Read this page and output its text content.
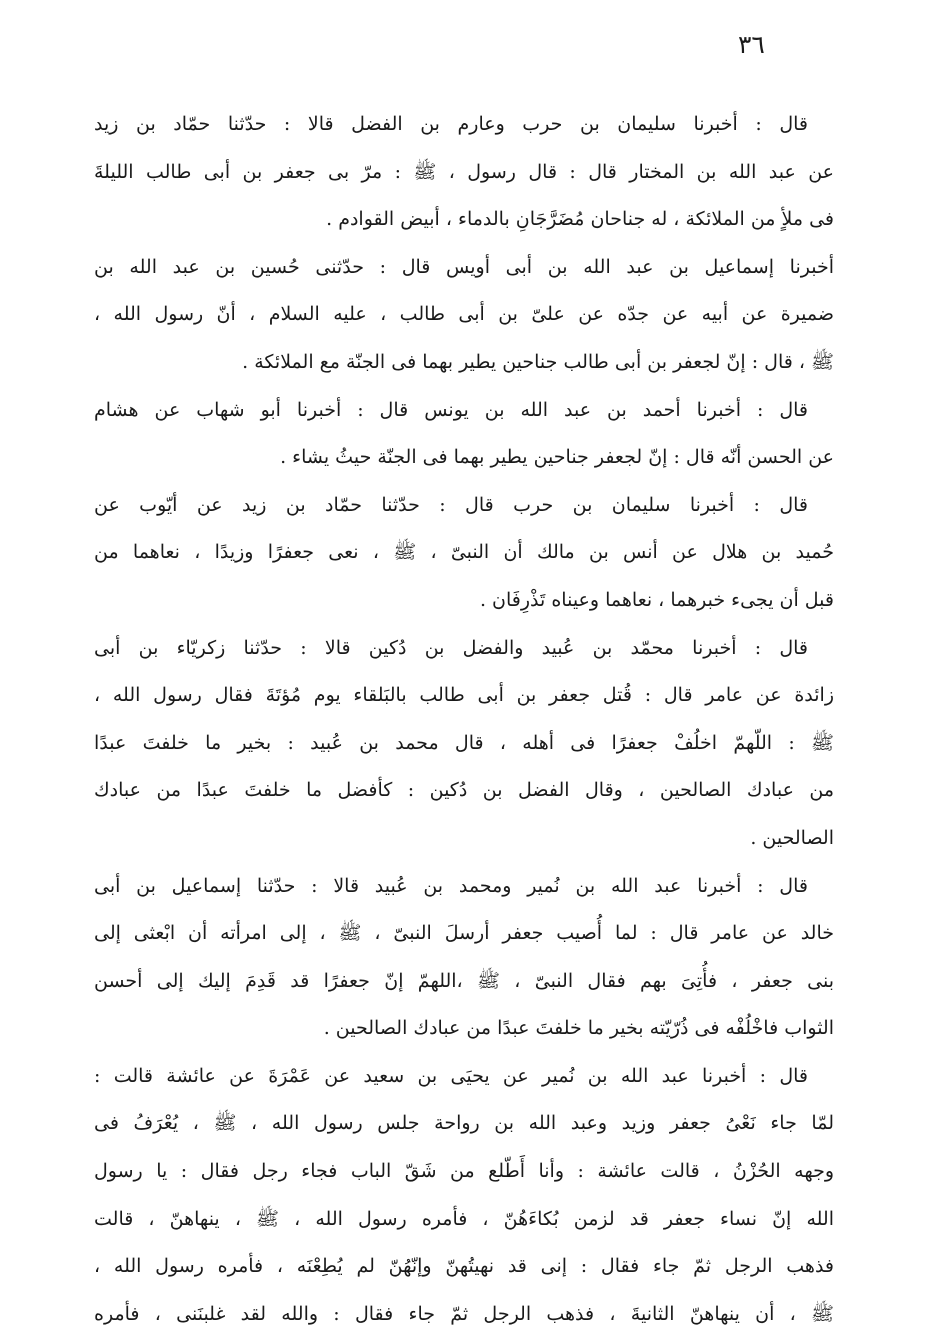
٣٦
قال : أخبرنا سليمان بن حرب وعارم بن الفضل قالا : حدّثنا حمّاد بن زيد
عن عبد الله بن المختار قال : قال رسول ، ﷺ : مرّ بى جعفر بن أبى طالب الليلةَ
فى ملأٍ من الملائكة ، له جناحان مُضَرَّجَانِ بالدماء ، أبيض القوادم .
أخبرنا إسماعيل بن عبد الله بن أبى أويس قال : حدّثنى حُسين بن عبد الله بن
ضميرة عن أبيه عن جدّه عن علىّ بن أبى طالب ، عليه السلام ، أنّ رسول الله ،
ﷺ ، قال : إنّ لجعفر بن أبى طالب جناحين يطير بهما فى الجنّة مع الملائكة .
قال : أخبرنا أحمد بن عبد الله بن يونس قال : أخبرنا أبو شهاب عن هشام
عن الحسن أنّه قال : إنّ لجعفر جناحين يطير بهما فى الجنّة حيثُ يشاء .
قال : أخبرنا سليمان بن حرب قال : حدّثنا حمّاد بن زيد عن أيّوب عن
حُميد بن هلال عن أنس بن مالك أن النبىّ ، ﷺ ، نعى جعفرًا وزيدًا ، نعاهما من
قبل أن يجىء خبرهما ، نعاهما وعيناه تَذْرِفَان .
قال : أخبرنا محمّد بن عُبيد والفضل بن دُكين قالا : حدّثنا زكريّاء بن أبى
زائدة عن عامر قال : قُتل جعفر بن أبى طالب بالبَلقاء يوم مُؤتَةَ فقال رسول الله ،
ﷺ : اللّهمّ اخلُفْ جعفرًا فى أهله ، قال محمد بن عُبيد : بخير ما خلفتَ عبدًا
من عبادك الصالحين ، وقال الفضل بن دُكين : كأفضل ما خلفتَ عبدًا من عبادك
الصالحين .
قال : أخبرنا عبد الله بن نُمير ومحمد بن عُبيد قالا : حدّثنا إسماعيل بن أبى
خالد عن عامر قال : لما أُصيب جعفر أرسلَ النبىّ ، ﷺ ، إلى امرأته أن ابْعثى إلى
بنى جعفر ، فأُتِىَ بهم فقال النبىّ ، ﷺ ،اللهمّ إنّ جعفرًا قد قَدِمَ إليك إلى أحسن
الثواب فاخْلُفْه فى ذُرّيّته بخير ما خلفتَ عبدًا من عبادك الصالحين .
قال : أخبرنا عبد الله بن نُمير عن يحيَى بن سعيد عن عَمْرَةَ عن عائشة قالت :
لمّا جاء نَعْىُ جعفر وزيد وعبد الله بن رواحة جلس رسول الله ، ﷺ ، يُعْرَفُ فى
وجهه الحُزْنُ ، قالت عائشة : وأنا أَطّلع من شَقّ الباب فجاء رجل فقال : يا رسول
الله إنّ نساء جعفر قد لزمن بُكاءَهُنّ ، فأمره رسول الله ، ﷺ ، ينهاهنّ ، قالت
فذهب الرجل ثمّ جاء فقال : إنى قد نهيتُهنّ وإنّهُنّ لم يُطِعْنَه ، فأمره رسول الله ،
ﷺ ، أن ينهاهنّ الثانيةَ ، فذهب الرجل ثمّ جاء فقال : والله لقد غلبنَنى ، فأمره
